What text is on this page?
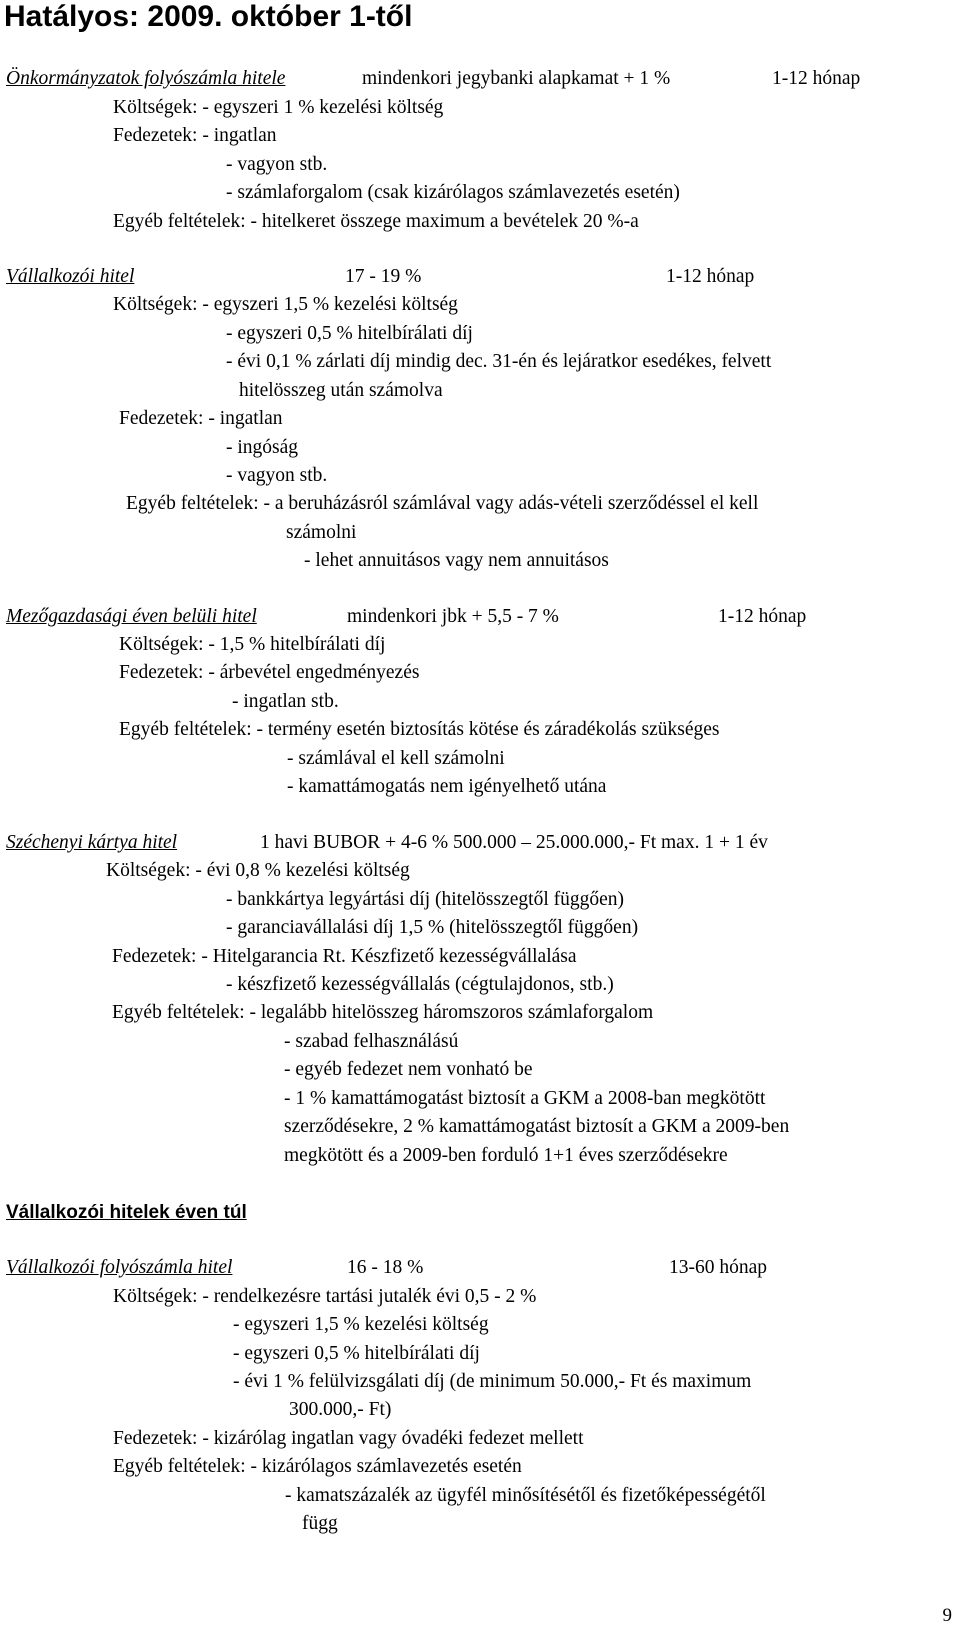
Hatályos: 2009. október 1-től
Önkormányzatok folyószámla hitele	mindenkori jegybanki alapkamat + 1 %	1-12 hónap
Költségek: - egyszeri 1 % kezelési költség
Fedezetek: - ingatlan
- vagyon stb.
- számlaforgalom (csak kizárólagos számlavezetés esetén)
Egyéb feltételek: - hitelkeret összege maximum a bevételek 20 %-a
Vállalkozói hitel	17 - 19 %	1-12 hónap
Költségek: - egyszeri 1,5 % kezelési költség
- egyszeri 0,5 % hitelbírálati díj
- évi 0,1 % zárlati díj mindig dec. 31-én és lejáratkor esedékes, felvett
hitelösszeg után számolva
Fedezetek: - ingatlan
- ingóság
- vagyon stb.
Egyéb feltételek: - a beruházásról számlával vagy adás-vételi szerződéssel el kell
számolni
- lehet annuitásos vagy nem annuitásos
Mezőgazdasági éven belüli hitel	mindenkori jbk + 5,5 - 7 %	1-12 hónap
Költségek: - 1,5 % hitelbírálati díj
Fedezetek: - árbevétel engedményezés
- ingatlan stb.
Egyéb feltételek: - termény esetén biztosítás kötése és záradékolás szükséges
- számlával el kell számolni
- kamattámogatás nem igényelhető utána
Széchenyi kártya hitel	1 havi BUBOR + 4-6 % 500.000 – 25.000.000,- Ft max. 1 + 1 év
Költségek: - évi 0,8 % kezelési költség
- bankkártya legyártási díj (hitelösszegtől függően)
- garanciavállalási díj 1,5 % (hitelösszegtől függően)
Fedezetek: - Hitelgarancia Rt. Készfizető kezességvállalása
- készfizető kezességvállalás (cégtulajdonos, stb.)
Egyéb feltételek: - legalább hitelösszeg háromszoros számlaforgalom
- szabad felhasználású
- egyéb fedezet nem vonható be
- 1 % kamattámogatást biztosít a GKM a 2008-ban megkötött
szerződésekre, 2 % kamattámogatást biztosít a GKM a 2009-ben
megkötött és a 2009-ben forduló 1+1 éves szerződésekre
Vállalkozói hitelek éven túl
Vállalkozói folyószámla hitel	16 - 18 %	13-60 hónap
Költségek: - rendelkezésre tartási jutalék évi 0,5 - 2 %
- egyszeri 1,5 % kezelési költség
- egyszeri 0,5 % hitelbírálati díj
- évi 1 % felülvizsgálati díj (de minimum 50.000,- Ft és maximum
300.000,- Ft)
Fedezetek: - kizárólag ingatlan vagy óvadéki fedezet mellett
Egyéb feltételek: - kizárólagos számlavezetés esetén
- kamatszázalék az ügyfél minősítésétől és fizetőképességétől
függ
9
